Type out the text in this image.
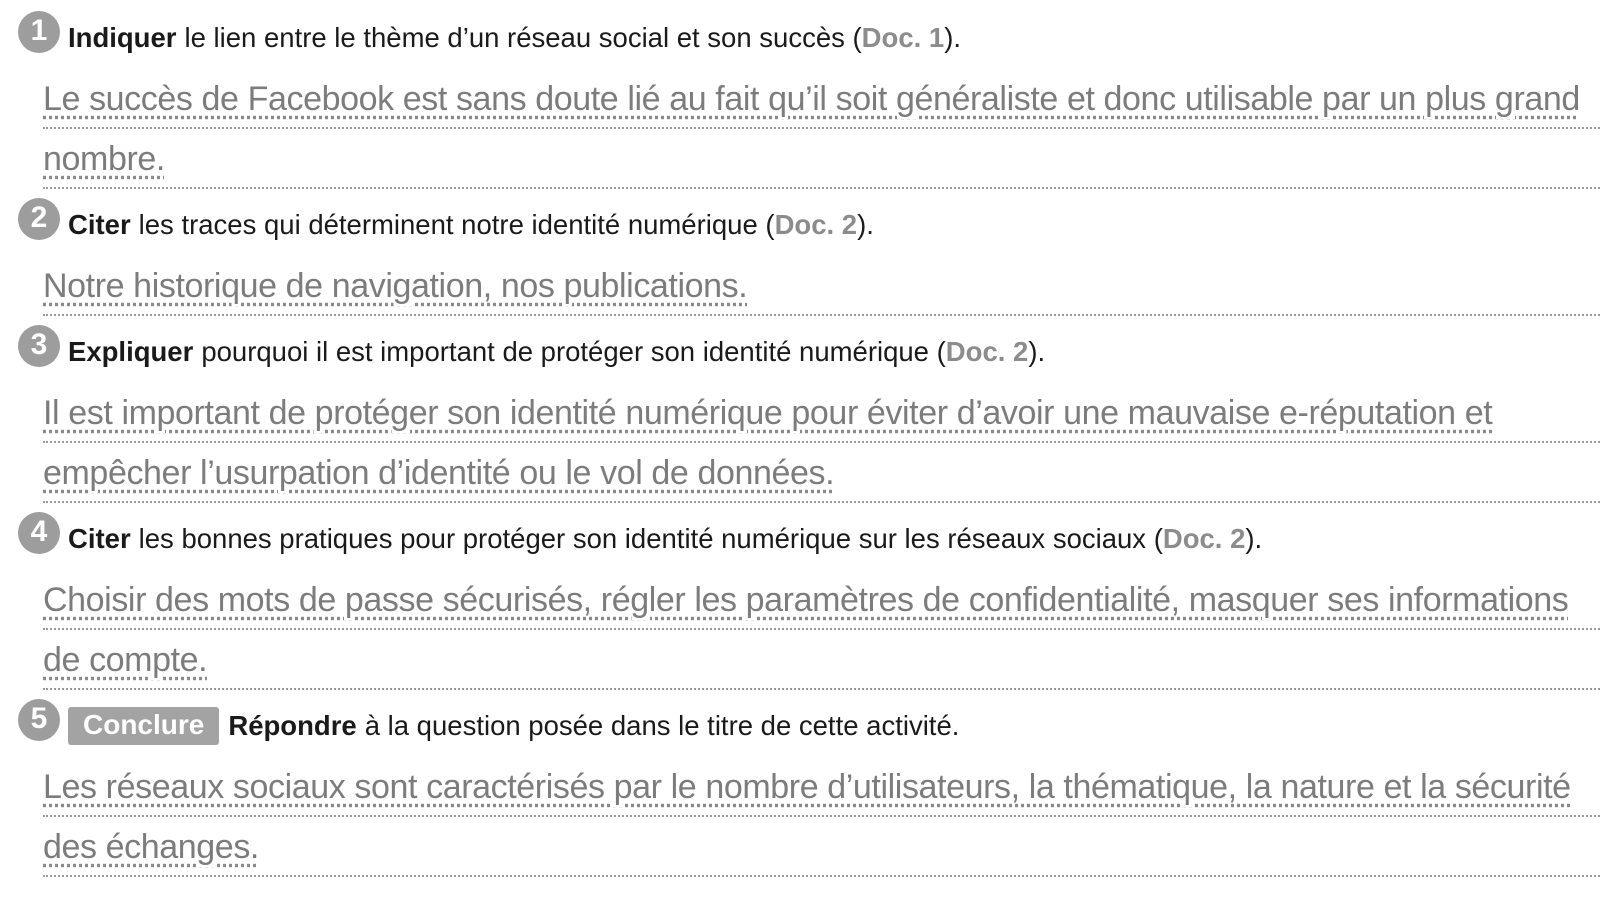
1 Indiquer le lien entre le thème d’un réseau social et son succès ( Doc. 1 ).
Le succès de Facebook est sans doute lié au fait qu’il soit généraliste et donc utilisable par un plus grand
nombre.
2 Citer les traces qui déterminent notre identité numérique ( Doc. 2 ).
Notre historique de navigation, nos publications.
3 Expliquer pourquoi il est important de protéger son identité numérique ( Doc. 2 ).
Il est important de protéger son identité numérique pour éviter d’avoir une mauvaise e-réputation et
empêcher l’usurpation d’identité ou le vol de données.
4 Citer les bonnes pratiques pour protéger son identité numérique sur les réseaux sociaux ( Doc. 2 ).
Choisir des mots de passe sécurisés, régler les paramètres de confidentialité, masquer ses informations
de compte.
5	Conclure Répondre à la question posée dans le titre de cette activité.
Les réseaux sociaux sont caractérisés par le nombre d’utilisateurs, la thématique, la nature et la sécurité
des échanges.
